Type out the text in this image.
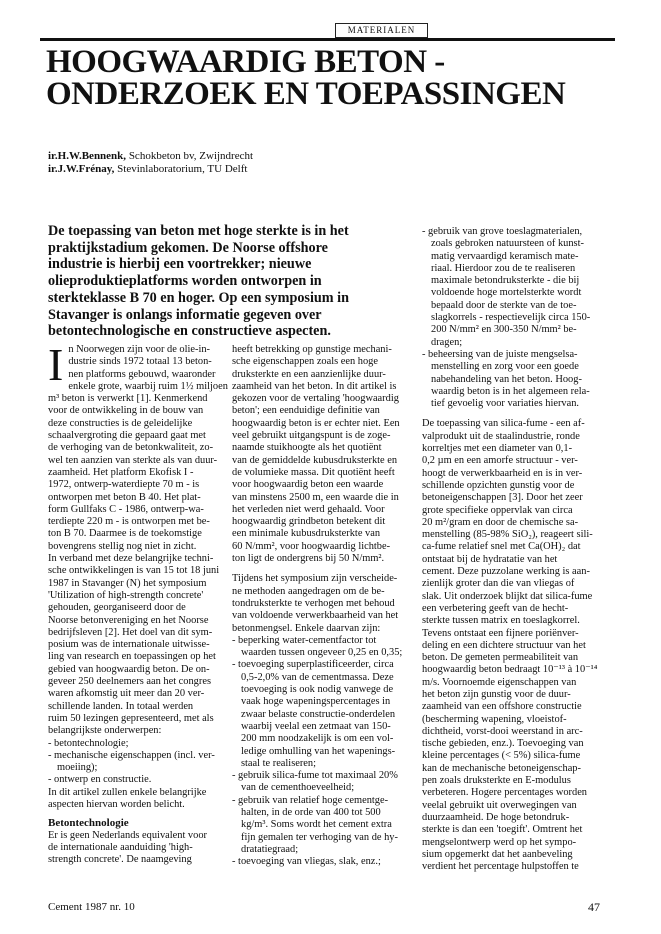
MATERIALEN
HOOGWAARDIG BETON -
ONDERZOEK EN TOEPASSINGEN
ir.H.W.Bennenk, Schokbeton bv, Zwijndrecht
ir.J.W.Frénay, Stevinlaboratorium, TU Delft
De toepassing van beton met hoge sterkte is in het
praktijkstadium gekomen. De Noorse offshore
industrie is hierbij een voortrekker; nieuwe
olieproduktieplatforms worden ontworpen in
sterkteklasse B 70 en hoger. Op een symposium in
Stavanger is onlangs informatie gegeven over
betontechnologische en constructieve aspecten.
I n Noorwegen zijn voor de olie-in-
dustrie sinds 1972 totaal 13 beton-
nen platforms gebouwd, waaronder
enkele grote, waarbij ruim 1½ miljoen
m³ beton is verwerkt [1]. Kenmerkend
voor de ontwikkeling in de bouw van
deze constructies is de geleidelijke
schaalvergroting die gepaard gaat met
de verhoging van de betonkwaliteit, zo-
wel ten aanzien van sterkte als van duur-
zaamheid. Het platform Ekofisk I -
1972, ontwerp-waterdiepte 70 m - is
ontworpen met beton B 40. Het plat-
form Gullfaks C - 1986, ontwerp-wa-
terdiepte 220 m - is ontworpen met be-
ton B 70. Daarmee is de toekomstige
bovengrens stellig nog niet in zicht.
In verband met deze belangrijke techni-
sche ontwikkelingen is van 15 tot 18 juni
1987 in Stavanger (N) het symposium
'Utilization of high-strength concrete'
gehouden, georganiseerd door de
Noorse betonvereniging en het Noorse
bedrijfsleven [2]. Het doel van dit sym-
posium was de internationale uitwisse-
ling van research en toepassingen op het
gebied van hoogwaardig beton. De on-
geveer 250 deelnemers aan het congres
waren afkomstig uit meer dan 20 ver-
schillende landen. In totaal werden
ruim 50 lezingen gepresenteerd, met als
belangrijkste onderwerpen:
- betontechnologie;
- mechanische eigenschappen (incl. ver-
moeiing);
- ontwerp en constructie.
In dit artikel zullen enkele belangrijke
aspecten hiervan worden belicht.
Betontechnologie
Er is geen Nederlands equivalent voor
de internationale aanduiding 'high-
strength concrete'. De naamgeving
heeft betrekking op gunstige mechani-
sche eigenschappen zoals een hoge
druksterkte en een aanzienlijke duur-
zaamheid van het beton. In dit artikel is
gekozen voor de vertaling 'hoogwaardig
beton'; een eenduidige definitie van
hoogwaardig beton is er echter niet. Een
veel gebruikt uitgangspunt is de zoge-
naamde stuikhoogte als het quotiënt
van de gemiddelde kubusdruksterkte en
de volumieke massa. Dit quotiënt heeft
voor hoogwaardig beton een waarde
van minstens 2500 m, een waarde die in
het verleden niet werd gehaald. Voor
hoogwaardig grindbeton betekent dit
een minimale kubusdruksterkte van
60 N/mm², voor hoogwaardig lichtbe-
ton ligt de ondergrens bij 50 N/mm².
Tijdens het symposium zijn verscheide-
ne methoden aangedragen om de be-
tondruksterkte te verhogen met behoud
van voldoende verwerkbaarheid van het
betonmengsel. Enkele daarvan zijn:
- beperking water-cementfactor tot
waarden tussen ongeveer 0,25 en 0,35;
- toevoeging superplastificeerder, circa
0,5-2,0% van de cementmassa. Deze
toevoeging is ook nodig vanwege de
vaak hoge wapeningspercentages in
zwaar belaste constructie-onderdelen
waarbij veelal een zetmaat van 150-
200 mm noodzakelijk is om een vol-
ledige omhulling van het wapenings-
staal te realiseren;
- gebruik silica-fume tot maximaal 20%
van de cementhoeveelheid;
- gebruik van relatief hoge cementge-
halten, in de orde van 400 tot 500
kg/m³. Soms wordt het cement extra
fijn gemalen ter verhoging van de hy-
dratatiegraad;
- toevoeging van vliegas, slak, enz.;
- gebruik van grove toeslagmaterialen,
zoals gebroken natuursteen of kunst-
matig vervaardigd keramisch mate-
riaal. Hierdoor zou de te realiseren
maximale betondruksterkte - die bij
voldoende hoge mortelsterkte wordt
bepaald door de sterkte van de toe-
slagkorrels - respectievelijk circa 150-
200 N/mm² en 300-350 N/mm² be-
dragen;
- beheersing van de juiste mengselsa-
menstelling en zorg voor een goede
nabehandeling van het beton. Hoog-
waardig beton is in het algemeen rela-
tief gevoelig voor variaties hiervan.
De toepassing van silica-fume - een af-
valprodukt uit de staalindustrie, ronde
korreltjes met een diameter van 0,1-
0,2 µm en een amorfe structuur - ver-
hoogt de verwerkbaarheid en is in ver-
schillende opzichten gunstig voor de
betoneigenschappen [3]. Door het zeer
grote specifieke oppervlak van circa
20 m²/gram en door de chemische sa-
menstelling (85-98% SiO₂), reageert sili-
ca-fume relatief snel met Ca(OH)₂ dat
ontstaat bij de hydratatie van het
cement. Deze puzzolane werking is aan-
zienlijk groter dan die van vliegas of
slak. Uit onderzoek blijkt dat silica-fume
een verbetering geeft van de hecht-
sterkte tussen matrix en toeslagkorrel.
Tevens ontstaat een fijnere poriënver-
deling en een dichtere structuur van het
beton. De gemeten permeabiliteit van
hoogwaardig beton bedraagt 10⁻¹³ à 10⁻¹⁴
m/s. Voornoemde eigenschappen van
het beton zijn gunstig voor de duur-
zaamheid van een offshore constructie
(bescherming wapening, vloeistof-
dichtheid, vorst-dooi weerstand in arc-
tische gebieden, enz.). Toevoeging van
kleine percentages (< 5%) silica-fume
kan de mechanische betoneigenschap-
pen zoals druksterkte en E-modulus
verbeteren. Hogere percentages worden
veelal gebruikt uit overwegingen van
duurzaamheid. De hoge betondruk-
sterkte is dan een 'toegift'. Omtrent het
mengselontwerp werd op het sympo-
sium opgemerkt dat het aanbeveling
verdient het percentage hulpstoffen te
Cement 1987 nr. 10	47
